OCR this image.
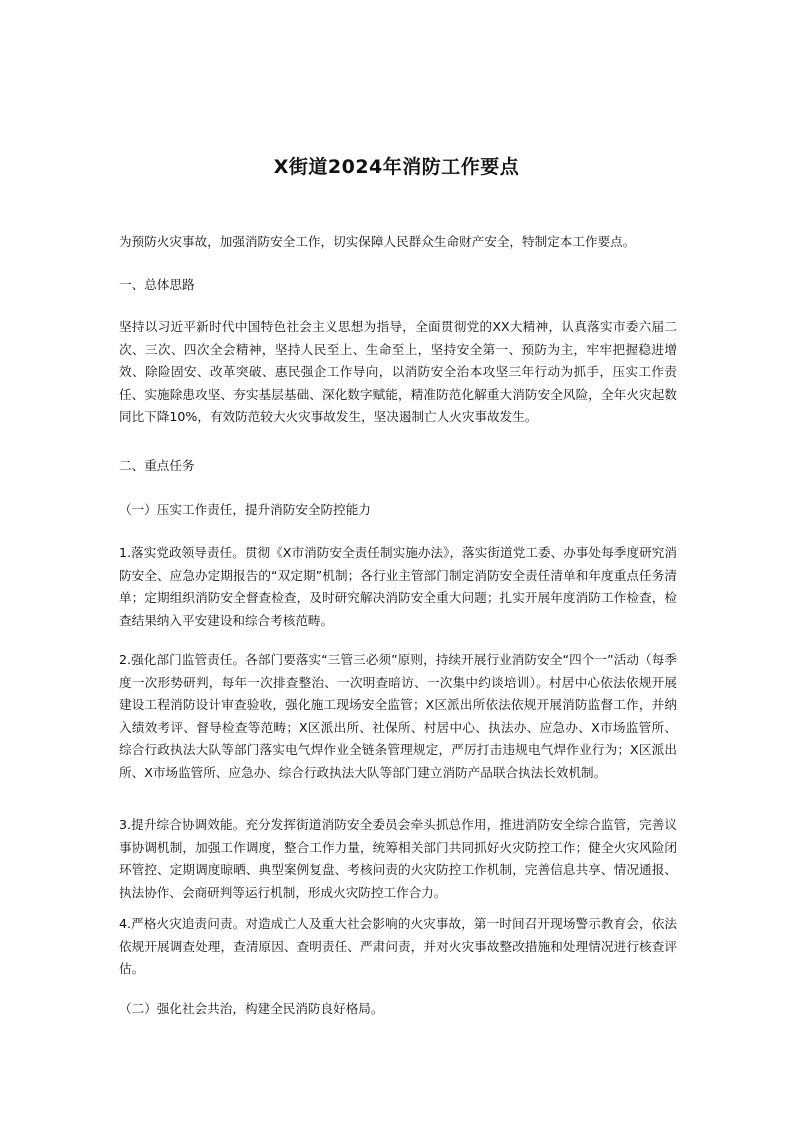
X街道2024年消防工作要点

为预防火灾事故，加强消防安全工作，切实保障人民群众生命财产安全，特制定本工作要点。

一、总体思路

坚持以习近平新时代中国特色社会主义思想为指导，全面贯彻党的XX大精神，认真落实市委六届二次、三次、四次全会精神，坚持人民至上、生命至上，坚持安全第一、预防为主，牢牢把握稳进增效、除险固安、改革突破、惠民强企工作导向，以消防安全治本攻坚三年行动为抓手，压实工作责任、实施除患攻坚、夯实基层基础、深化数字赋能，精准防范化解重大消防安全风险，全年火灾起数同比下降10%，有效防范较大火灾事故发生，坚决遏制亡人火灾事故发生。

二、重点任务

（一）压实工作责任，提升消防安全防控能力

1.落实党政领导责任。贯彻《X市消防安全责任制实施办法》，落实街道党工委、办事处每季度研究消防安全、应急办定期报告的“双定期”机制；各行业主管部门制定消防安全责任清单和年度重点任务清单；定期组织消防安全督查检查，及时研究解决消防安全重大问题；扎实开展年度消防工作检查，检查结果纳入平安建设和综合考核范畴。

2.强化部门监管责任。各部门要落实“三管三必须”原则，持续开展行业消防安全“四个一”活动（每季度一次形势研判，每年一次排查整治、一次明查暗访、一次集中约谈培训）。村居中心依法依规开展建设工程消防设计审查验收，强化施工现场安全监管；X区派出所依法依规开展消防监督工作，并纳入绩效考评、督导检查等范畴；X区派出所、社保所、村居中心、执法办、应急办、X市场监管所、综合行政执法大队等部门落实电气焊作业全链条管理规定，严厉打击违规电气焊作业行为；X区派出所、X市场监管所、应急办、综合行政执法大队等部门建立消防产品联合执法长效机制。

3.提升综合协调效能。充分发挥街道消防安全委员会牵头抓总作用，推进消防安全综合监管，完善议事协调机制，加强工作调度，整合工作力量，统筹相关部门共同抓好火灾防控工作；健全火灾风险闭环管控、定期调度晾晒、典型案例复盘、考核问责的火灾防控工作机制，完善信息共享、情况通报、执法协作、会商研判等运行机制，形成火灾防控工作合力。

4.严格火灾追责问责。对造成亡人及重大社会影响的火灾事故，第一时间召开现场警示教育会，依法依规开展调查处理，查清原因、查明责任、严肃问责，并对火灾事故整改措施和处理情况进行核查评估。

（二）强化社会共治，构建全民消防良好格局。
